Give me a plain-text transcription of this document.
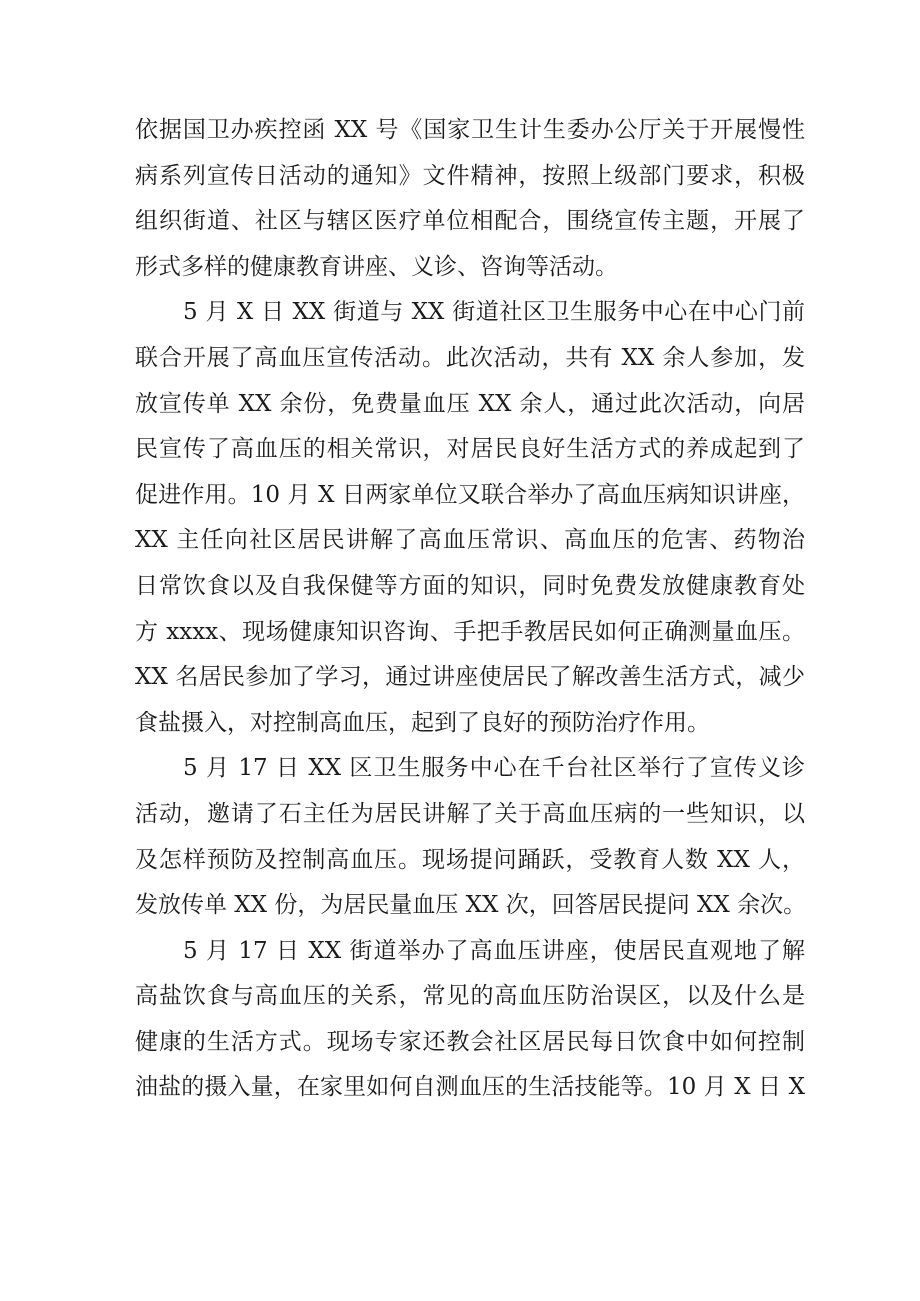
依据国卫办疾控函 XX 号《国家卫生计生委办公厅关于开展慢性
病系列宣传日活动的通知》文件精神，按照上级部门要求，积极
组织街道、社区与辖区医疗单位相配合，围绕宣传主题，开展了
形式多样的健康教育讲座、义诊、咨询等活动。
5 月 X 日 XX 街道与 XX 街道社区卫生服务中心在中心门前
联合开展了高血压宣传活动。此次活动，共有 XX 余人参加，发
放宣传单 XX 余份，免费量血压 XX 余人，通过此次活动，向居
民宣传了高血压的相关常识，对居民良好生活方式的养成起到了
促进作用。10 月 X 日两家单位又联合举办了高血压病知识讲座，
XX 主任向社区居民讲解了高血压常识、高血压的危害、药物治
日常饮食以及自我保健等方面的知识，同时免费发放健康教育处
方 xxxx、现场健康知识咨询、手把手教居民如何正确测量血压。
XX 名居民参加了学习，通过讲座使居民了解改善生活方式，减少
食盐摄入，对控制高血压，起到了良好的预防治疗作用。
5 月 17 日 XX 区卫生服务中心在千台社区举行了宣传义诊
活动，邀请了石主任为居民讲解了关于高血压病的一些知识，以
及怎样预防及控制高血压。现场提问踊跃，受教育人数 XX 人，
发放传单 XX 份，为居民量血压 XX 次，回答居民提问 XX 余次。
5 月 17 日 XX 街道举办了高血压讲座，使居民直观地了解
高盐饮食与高血压的关系，常见的高血压防治误区，以及什么是
健康的生活方式。现场专家还教会社区居民每日饮食中如何控制
油盐的摄入量，在家里如何自测血压的生活技能等。10 月 X 日 X
